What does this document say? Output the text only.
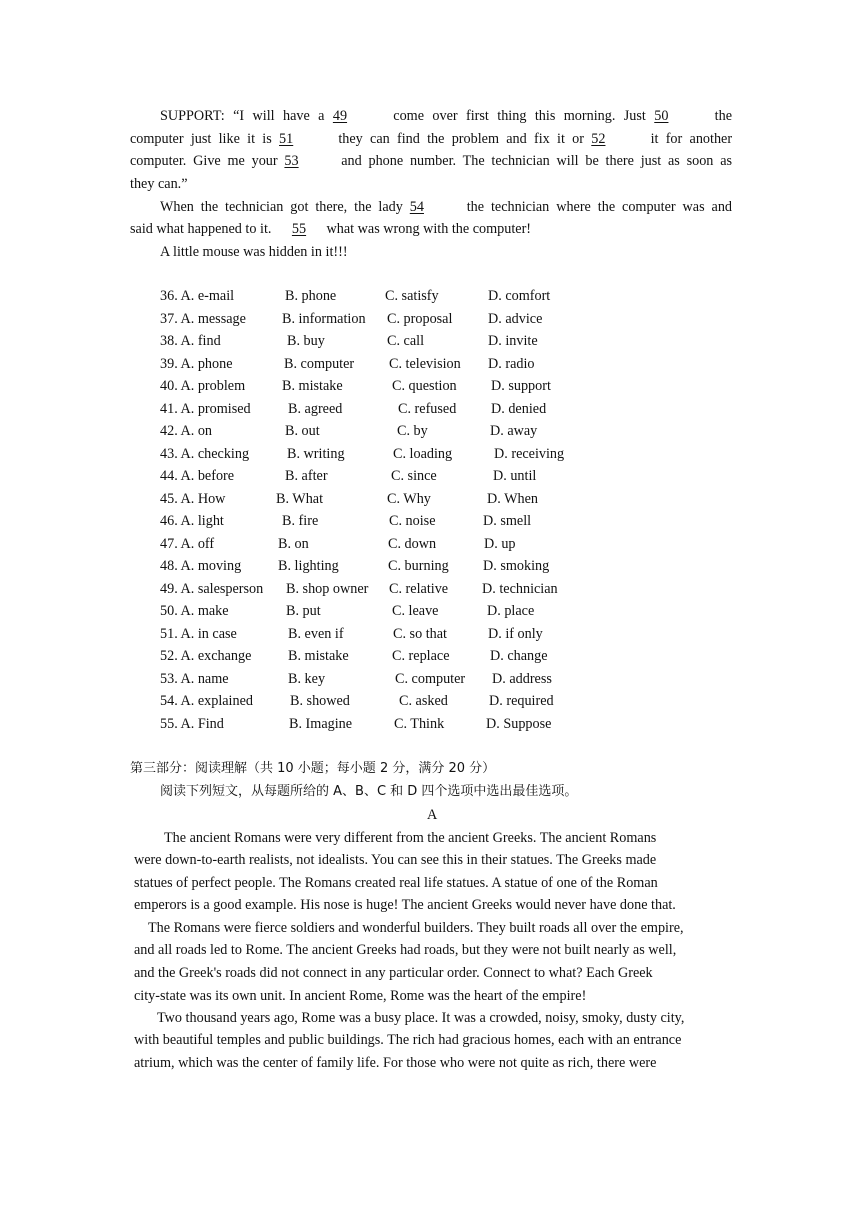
SUPPORT: “I will have a 49	come over first thing this morning. Just 50	the
computer just like it is 51	they can find the problem and fix it or 52	it for another
computer. Give me your 53	and phone number. The technician will be there just as soon as
they can.”
When the technician got there, the lady 54	the technician where the computer was and
said what happened to it. 55 what was wrong with the computer!
A little mouse was hidden in it!!!
36. A. e-mail	B. phone	C. satisfy	D. comfort
37. A. message	B. information C. proposal	D. advice
38. A. find	B. buy	C. call	D. invite
39. A. phone	B. computer C. television D. radio
40. A. problem	B. mistake	C. question D. support
41. A. promised	B. agreed	C. refused D. denied
42. A. on	B. out	C. by	D. away
43. A. checking	B. writing	C. loading	D. receiving
44. A. before	B. after	C. since	D. until
45. A. How	B. What	C. Why	D. When
46. A. light	B. fire	C. noise	D. smell
47. A. off	B. on	C. down	D. up
48. A. moving	B. lighting	C. burning D. smoking
49. A. salesperson B. shop owner C. relative D. technician
50. A. make	B. put	C. leave	D. place
51. A. in case	B. even if	C. so that	D. if only
52. A. exchange	B. mistake	C. replace	D. change
53. A. name	B. key	C. computer D. address
54. A. explained	B. showed	C. asked	D. required
55. A. Find	B. Imagine	C. Think	D. Suppose
第三部分：阅读理解（共 10 小题；每小题 2 分，满分 20 分）
阅读下列短文，从每题所给的 A、B、C 和 D 四个选项中选出最佳选项。
A
The ancient Romans were very different from the ancient Greeks. The ancient Romans
were down-to-earth realists, not idealists. You can see this in their statues. The Greeks made
statues of perfect people. The Romans created real life statues. A statue of one of the Roman
emperors is a good example. His nose is huge! The ancient Greeks would never have done that.
The Romans were fierce soldiers and wonderful builders. They built roads all over the empire,
and all roads led to Rome. The ancient Greeks had roads, but they were not built nearly as well,
and the Greek's roads did not connect in any particular order. Connect to what? Each Greek
city-state was its own unit. In ancient Rome, Rome was the heart of the empire!
Two thousand years ago, Rome was a busy place. It was a crowded, noisy, smoky, dusty city,
with beautiful temples and public buildings. The rich had gracious homes, each with an entrance
atrium, which was the center of family life. For those who were not quite as rich, there were
